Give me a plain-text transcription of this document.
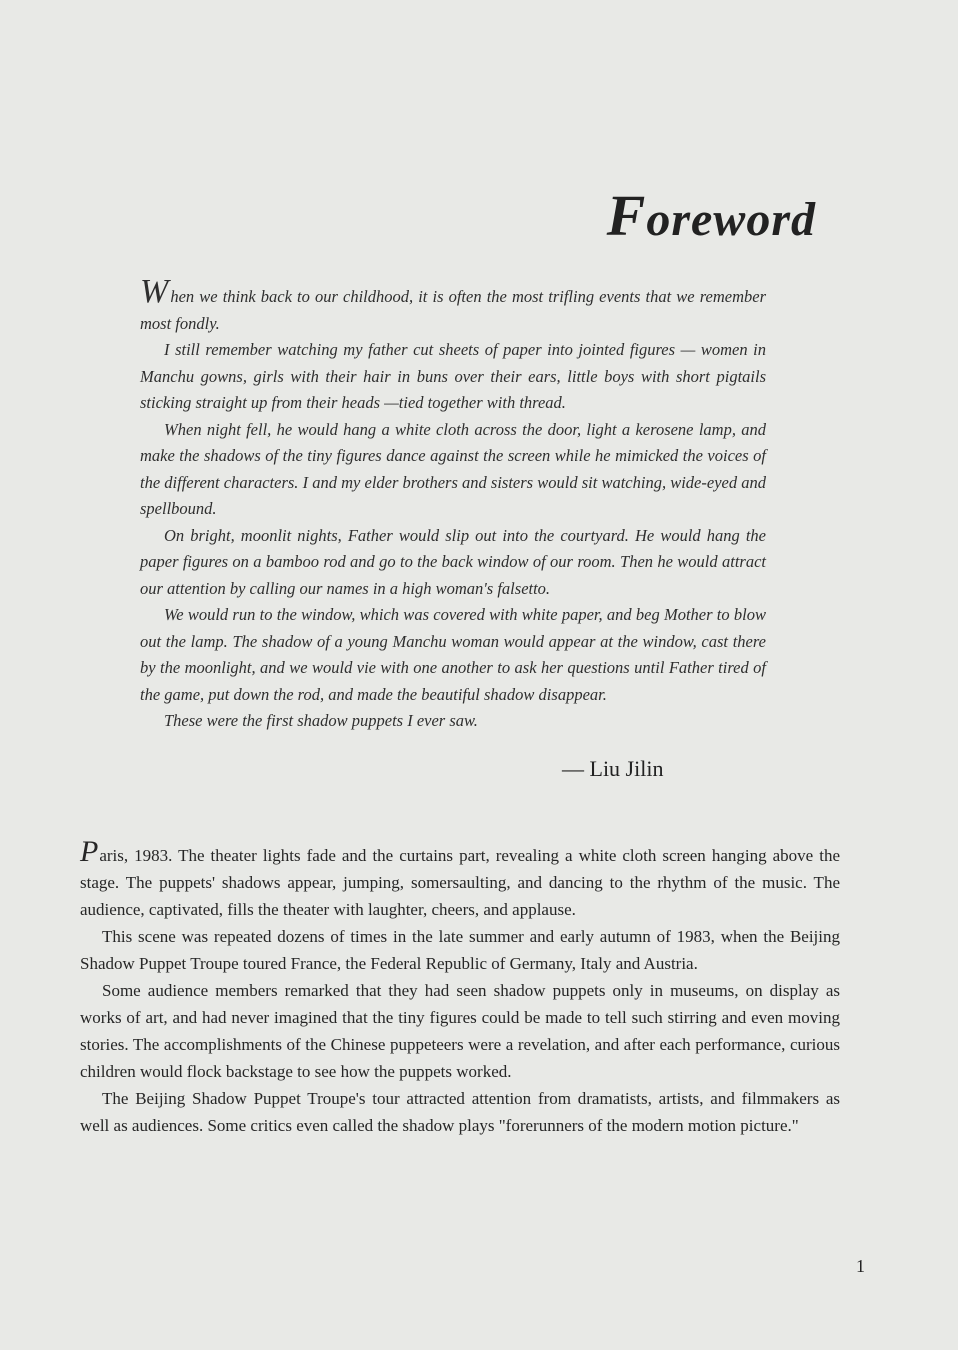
Foreword

When we think back to our childhood, it is often the most trifling events that we remember most fondly.

I still remember watching my father cut sheets of paper into jointed figures — women in Manchu gowns, girls with their hair in buns over their ears, little boys with short pigtails sticking straight up from their heads —tied together with thread.

When night fell, he would hang a white cloth across the door, light a kerosene lamp, and make the shadows of the tiny figures dance against the screen while he mimicked the voices of the different characters. I and my elder brothers and sisters would sit watching, wide-eyed and spellbound.

On bright, moonlit nights, Father would slip out into the courtyard. He would hang the paper figures on a bamboo rod and go to the back window of our room. Then he would attract our attention by calling our names in a high woman's falsetto.

We would run to the window, which was covered with white paper, and beg Mother to blow out the lamp. The shadow of a young Manchu woman would appear at the window, cast there by the moonlight, and we would vie with one another to ask her questions until Father tired of the game, put down the rod, and made the beautiful shadow disappear.

These were the first shadow puppets I ever saw.

— Liu Jilin

Paris, 1983. The theater lights fade and the curtains part, revealing a white cloth screen hanging above the stage. The puppets' shadows appear, jumping, somersaulting, and dancing to the rhythm of the music. The audience, captivated, fills the theater with laughter, cheers, and applause.

This scene was repeated dozens of times in the late summer and early autumn of 1983, when the Beijing Shadow Puppet Troupe toured France, the Federal Republic of Germany, Italy and Austria.

Some audience members remarked that they had seen shadow puppets only in museums, on display as works of art, and had never imagined that the tiny figures could be made to tell such stirring and even moving stories. The accomplishments of the Chinese puppeteers were a revelation, and after each performance, curious children would flock backstage to see how the puppets worked.

The Beijing Shadow Puppet Troupe's tour attracted attention from dramatists, artists, and filmmakers as well as audiences. Some critics even called the shadow plays "forerunners of the modern motion picture."

1
